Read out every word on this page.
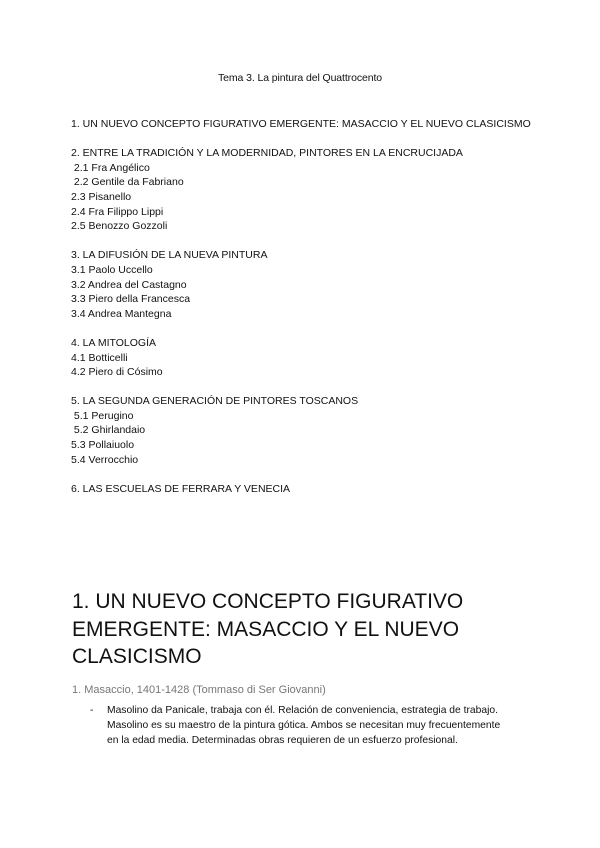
Tema 3. La pintura del Quattrocento
1. UN NUEVO CONCEPTO FIGURATIVO EMERGENTE: MASACCIO Y EL NUEVO CLASICISMO
2. ENTRE LA TRADICIÓN Y LA MODERNIDAD, PINTORES EN LA ENCRUCIJADA
2.1 Fra Angélico
2.2 Gentile da Fabriano
2.3 Pisanello
2.4 Fra Filippo Lippi
2.5 Benozzo Gozzoli
3. LA DIFUSIÓN DE LA NUEVA PINTURA
3.1 Paolo Uccello
3.2 Andrea del Castagno
3.3 Piero della Francesca
3.4 Andrea Mantegna
4. LA MITOLOGÍA
4.1 Botticelli
4.2 Piero di Cósimo
5. LA SEGUNDA GENERACIÓN DE PINTORES TOSCANOS
5.1 Perugino
5.2 Ghirlandaio
5.3 Pollaiuolo
5.4 Verrocchio
6. LAS ESCUELAS DE FERRARA Y VENECIA
1. UN NUEVO CONCEPTO FIGURATIVO EMERGENTE: MASACCIO Y EL NUEVO CLASICISMO
1. Masaccio, 1401-1428 (Tommaso di Ser Giovanni)
-	Masolino da Panicale, trabaja con él. Relación de conveniencia, estrategia de trabajo. Masolino es su maestro de la pintura gótica. Ambos se necesitan muy frecuentemente en la edad media. Determinadas obras requieren de un esfuerzo profesional.
